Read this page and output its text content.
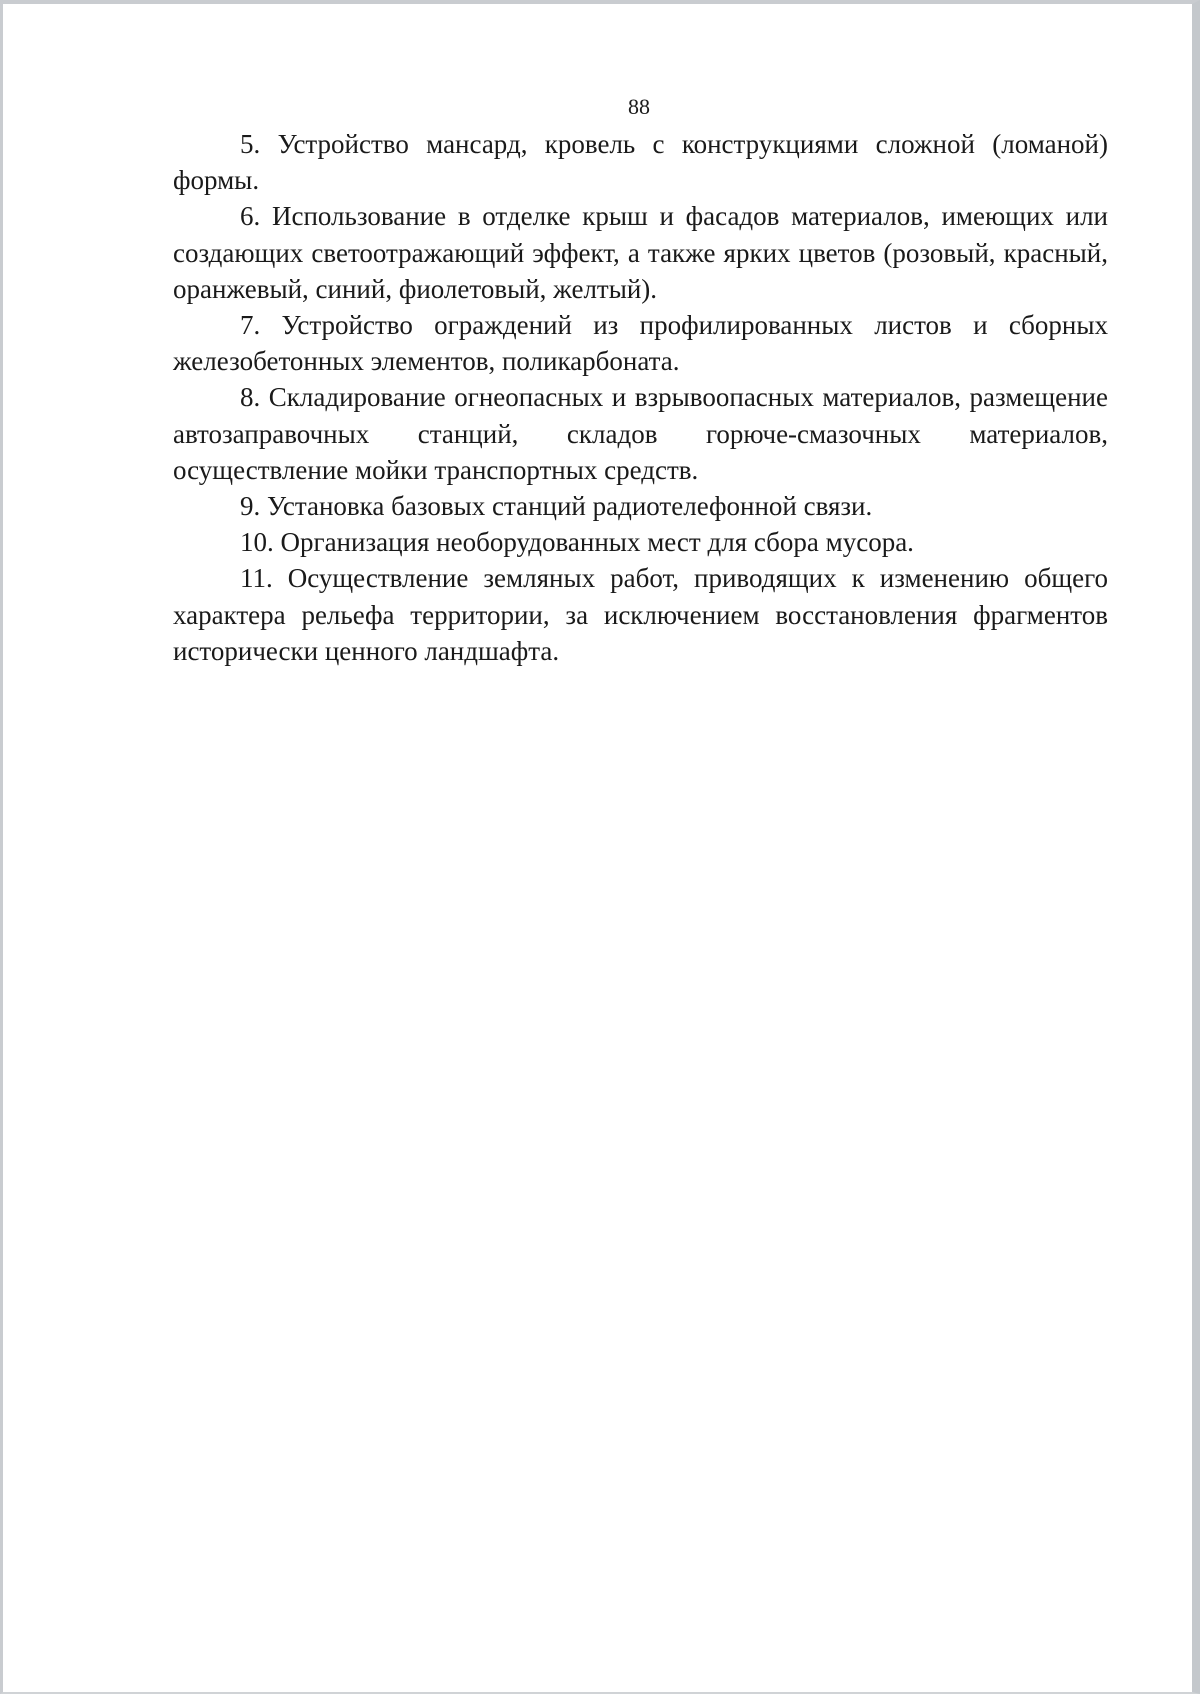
88

5. Устройство мансард, кровель с конструкциями сложной (ломаной) формы.

6. Использование в отделке крыш и фасадов материалов, имеющих или создающих светоотражающий эффект, а также ярких цветов (розовый, красный, оранжевый, синий, фиолетовый, желтый).

7. Устройство ограждений из профилированных листов и сборных железобетонных элементов, поликарбоната.

8. Складирование огнеопасных и взрывоопасных материалов, размещение автозаправочных станций, складов горюче-смазочных материалов, осуществление мойки транспортных средств.

9. Установка базовых станций радиотелефонной связи.

10. Организация необорудованных мест для сбора мусора.

11. Осуществление земляных работ, приводящих к изменению общего характера рельефа территории, за исключением восстановления фрагментов исторически ценного ландшафта.
